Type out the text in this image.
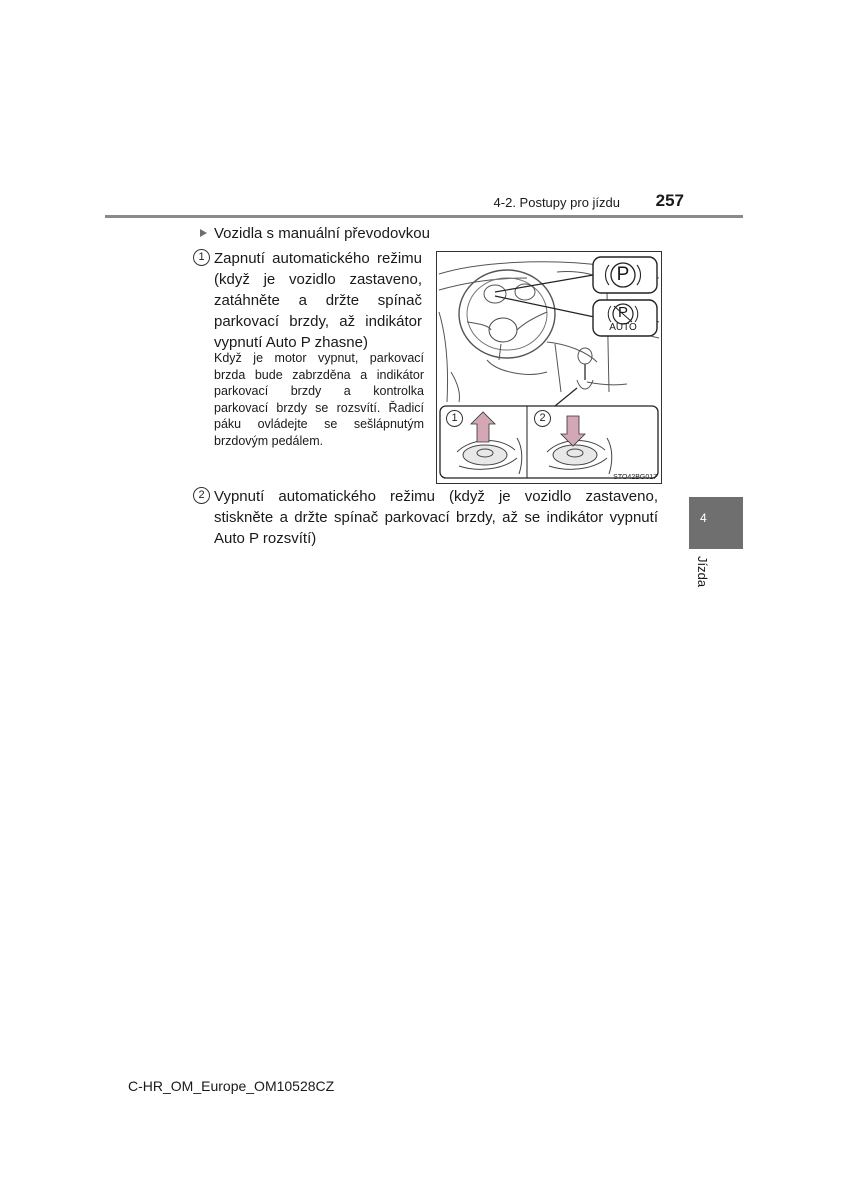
4-2. Postupy pro jízdu	257
4
Jízda
Vozidla s manuální převodovkou
1 Zapnutí automatického režimu (když je vozidlo zastaveno, zatáhněte a držte spínač parkovací brzdy, až indikátor vypnutí Auto P zhasne)
Když je motor vypnut, parkovací brzda bude zabrzděna a indikátor parkovací brzdy a kontrolka parkovací brzdy se rozsvítí. Řadicí páku ovládejte se sešlápnutým brzdovým pedálem.
P
P
AUTO
1	2
STO42BG017
2 Vypnutí automatického režimu (když je vozidlo zastaveno, stiskněte a držte spínač parkovací brzdy, až se indikátor vypnutí Auto P rozsvítí)
C-HR_OM_Europe_OM10528CZ
